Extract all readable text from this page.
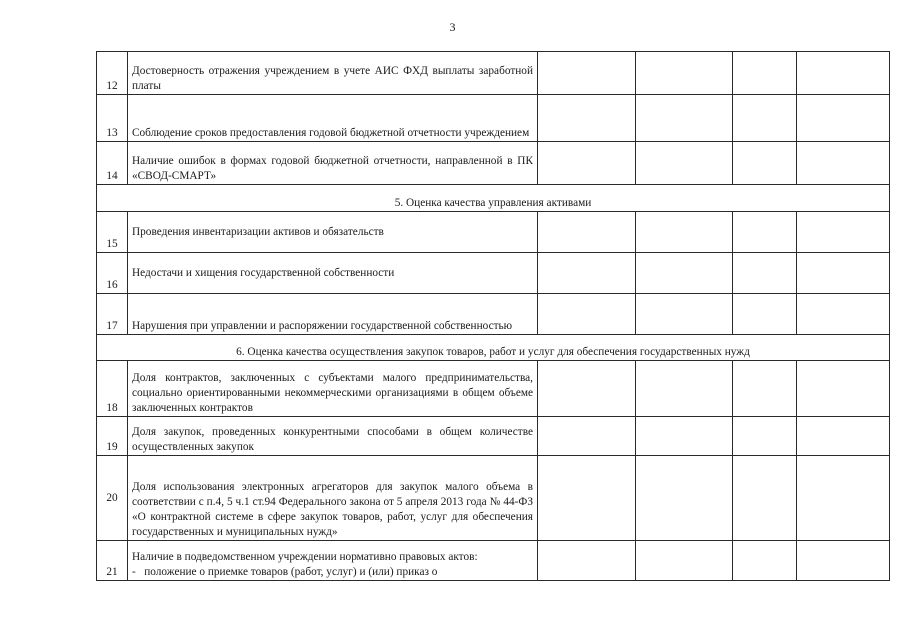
3
12	Достоверность отражения учреждением в учете АИС ФХД выплаты заработной платы				
13	Соблюдение сроков предоставления годовой бюджетной отчетности учреждением				
14	Наличие ошибок в формах годовой бюджетной отчетности, направленной в ПК «СВОД-СМАРТ»				
5. Оценка качества управления активами					
15	Проведения инвентаризации активов и обязательств				
16	Недостачи и хищения государственной собственности				
17	Нарушения при управлении и распоряжении государственной собственностью				
6. Оценка качества осуществления закупок товаров, работ и услуг для обеспечения государственных нужд					
18	Доля контрактов, заключенных с субъектами малого предпринимательства, социально ориентированными некоммерческими организациями в общем объеме заключенных контрактов				
19	Доля закупок, проведенных конкурентными способами в общем количестве осуществленных закупок				
20	Доля использования электронных агрегаторов для закупок малого объема в соответствии с п.4, 5 ч.1 ст.94 Федерального закона от 5 апреля 2013 года № 44-ФЗ «О контрактной системе в сфере закупок товаров, работ, услуг для обеспечения государственных и муниципальных нужд»				
21	Наличие в подведомственном учреждении нормативно правовых актов:
-   положение о приемке товаров (работ, услуг) и (или) приказ о				
